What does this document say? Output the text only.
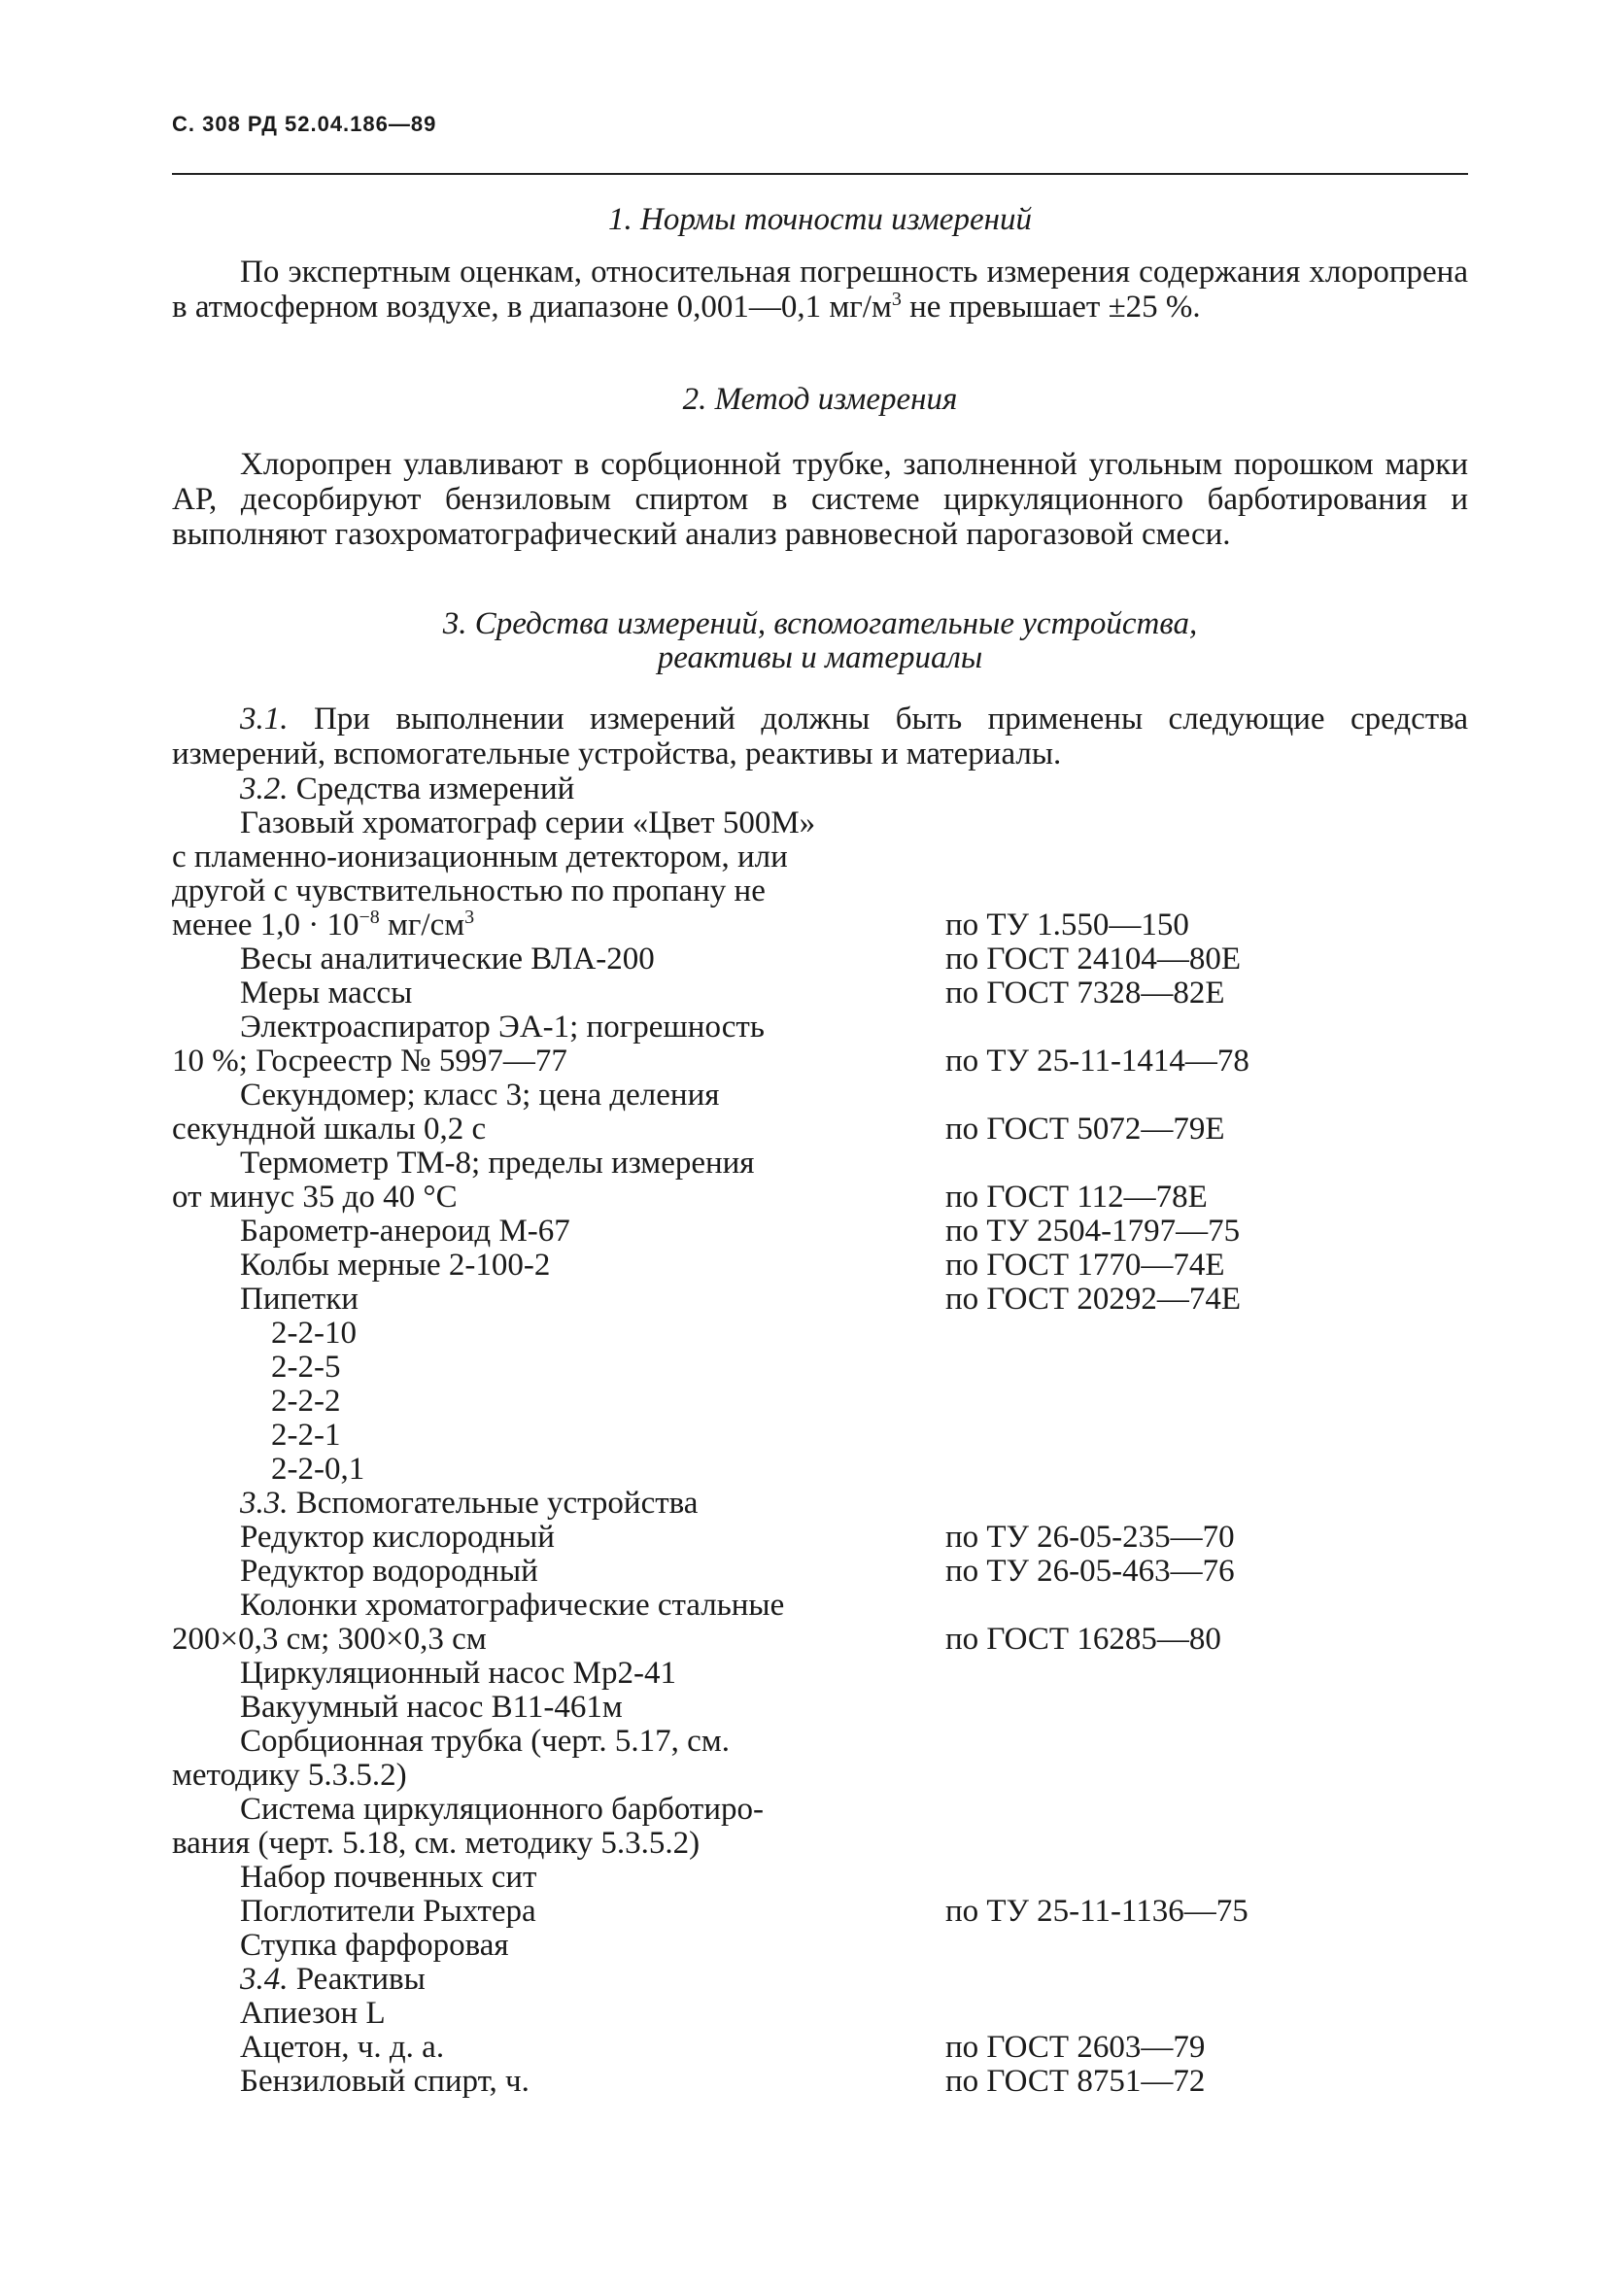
С. 308 РД 52.04.186—89
1. Нормы точности измерений

По экспертным оценкам, относительная погрешность измерения содержания хлоропрена в атмосферном воздухе, в диапазоне 0,001—0,1 $мг/м^3$ не превышает ±25 %.

2. Метод измерения

Хлоропрен улавливают в сорбционной трубке, заполненной угольным порошком марки АР, десорбируют бензиловым спиртом в системе циркуляционного барботирования и выполняют газохроматографический анализ равновесной парогазовой смеси.

3. Средства измерений, вспомогательные устройства,
реактивы и материалы

3.1. При выполнении измерений должны быть применены следующие средства измерений, вспомогательные устройства, реактивы и материалы.

3.2. Средства измерений
Газовый хроматограф серии «Цвет 500М»
с пламенно-ионизационным детектором, или
другой с чувствительностью по пропану не
менее $1,0 \cdot 10^{-8}$ $мг/см^3$	по ТУ 1.550—150
Весы аналитические ВЛА-200	по ГОСТ 24104—80Е
Меры массы	по ГОСТ 7328—82Е
Электроаспиратор ЭА-1; погрешность
10 %; Госреестр № 5997—77	по ТУ 25-11-1414—78
Секундомер; класс 3; цена деления
секундной шкалы 0,2 с	по ГОСТ 5072—79Е
Термометр ТМ-8; пределы измерения
от минус 35 до 40 °С	по ГОСТ 112—78Е
Барометр-анероид М-67	по ТУ 2504-1797—75
Колбы мерные 2-100-2	по ГОСТ 1770—74Е
Пипетки	по ГОСТ 20292—74Е
2-2-10
2-2-5
2-2-2
2-2-1
2-2-0,1
3.3. Вспомогательные устройства
Редуктор кислородный	по ТУ 26-05-235—70
Редуктор водородный	по ТУ 26-05-463—76
Колонки хроматографические стальные
200×0,3 см; 300×0,3 см	по ГОСТ 16285—80
Циркуляционный насос Мр2-41
Вакуумный насос В11-461м
Сорбционная трубка (черт. 5.17, см.
методику 5.3.5.2)
Система циркуляционного барботиро-
вания (черт. 5.18, см. методику 5.3.5.2)
Набор почвенных сит
Поглотители Рыхтера	по ТУ 25-11-1136—75
Ступка фарфоровая
3.4. Реактивы
Апиезон L
Ацетон, ч. д. а.	по ГОСТ 2603—79
Бензиловый спирт, ч.	по ГОСТ 8751—72
